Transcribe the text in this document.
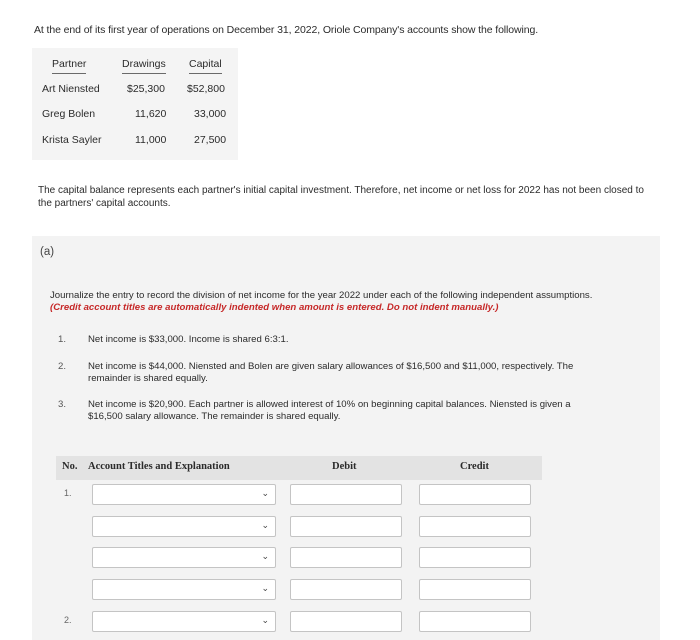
At the end of its first year of operations on December 31, 2022, Oriole Company's accounts show the following.
Partner	Drawings Capital
Art Niensted	$25,300 $52,800
Greg Bolen	11,620	33,000
Krista Sayler	11,000	27,500
The capital balance represents each partner's initial capital investment. Therefore, net income or net loss for 2022 has not been closed to the partners' capital accounts.
(a)
Journalize the entry to record the division of net income for the year 2022 under each of the following independent assumptions.
(Credit account titles are automatically indented when amount is entered. Do not indent manually.)
1.	Net income is $33,000. Income is shared 6:3:1.
2.	Net income is $44,000. Niensted and Bolen are given salary allowances of $16,500 and $11,000, respectively. The
remainder is shared equally.
3.	Net income is $20,900. Each partner is allowed interest of 10% on beginning capital balances. Niensted is given a
$16,500 salary allowance. The remainder is shared equally.
No. Account Titles and Explanation	Debit	Credit
1.	⌄
⌄
⌄
⌄
2.	⌄
